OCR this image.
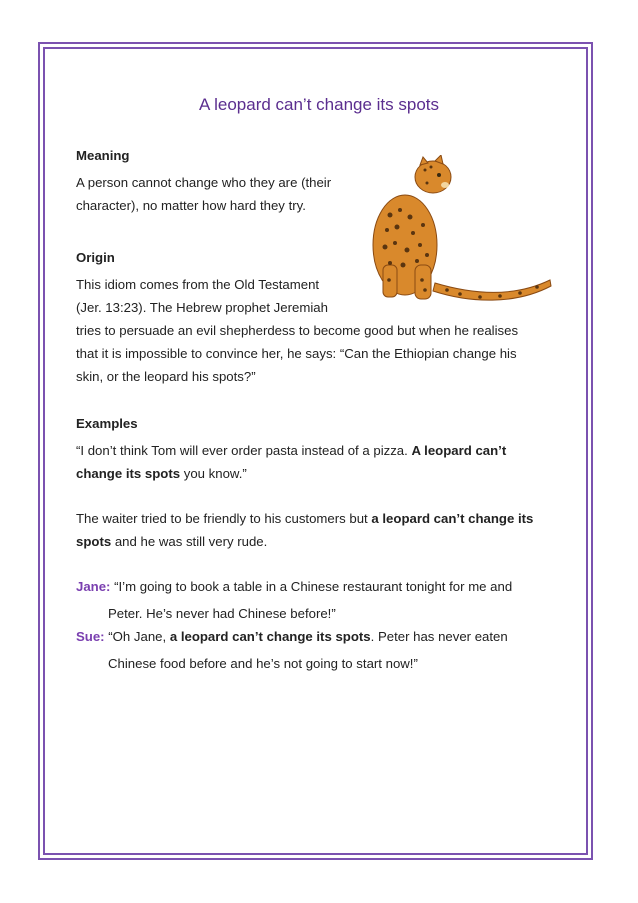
A leopard can’t change its spots

Meaning

A person cannot change who they are (their

character), no matter how hard they try.

Origin

This idiom comes from the Old Testament

(Jer. 13:23). The Hebrew prophet Jeremiah

tries to persuade an evil shepherdess to become good but when he realises

that it is impossible to convince her, he says: “Can the Ethiopian change his

skin, or the leopard his spots?”

Examples

“I don’t think Tom will ever order pasta instead of a pizza. A leopard can’t

change its spots you know.”

The waiter tried to be friendly to his customers but a leopard can’t change its

spots and he was still very rude.

Jane: “I’m going to book a table in a Chinese restaurant tonight for me and

Peter. He’s never had Chinese before!”

Sue: “Oh Jane, a leopard can’t change its spots. Peter has never eaten

Chinese food before and he’s not going to start now!”
